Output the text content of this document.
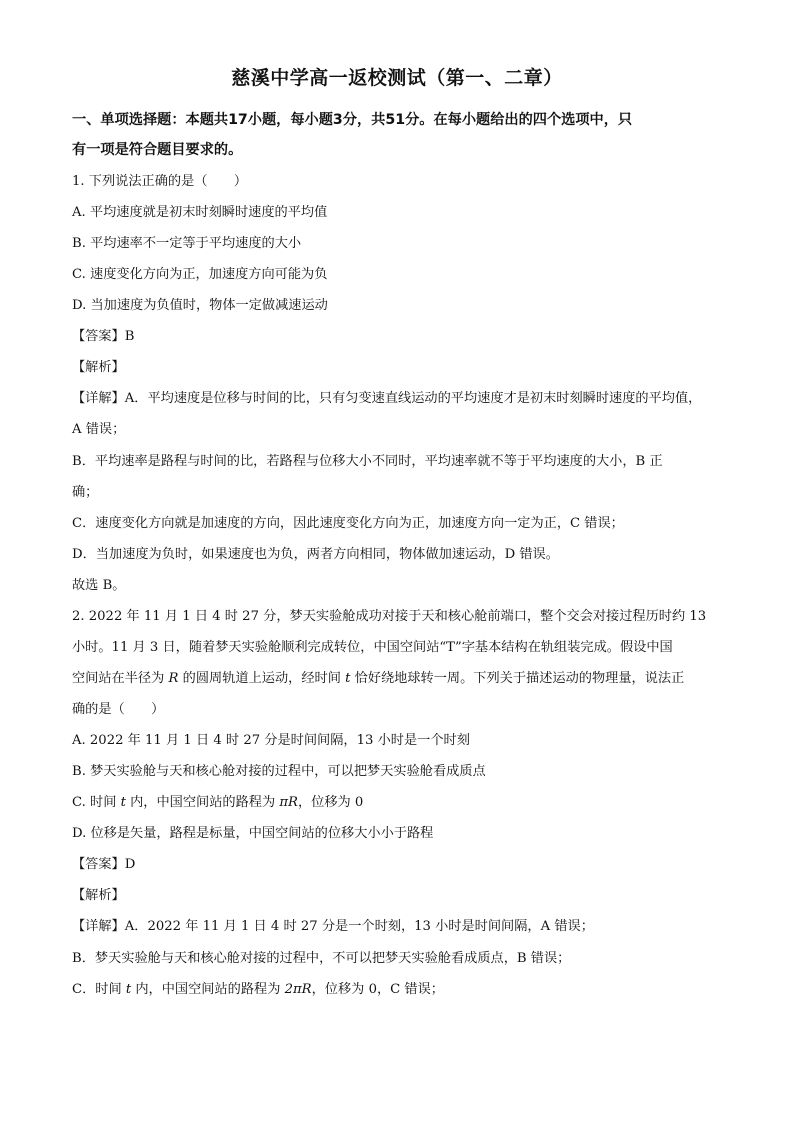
慈溪中学高一返校测试（第一、二章）
一、单项选择题：本题共17小题，每小题3分，共51分。在每小题给出的四个选项中，只
有一项是符合题目要求的。
1. 下列说法正确的是（　　）
A. 平均速度就是初末时刻瞬时速度的平均值
B. 平均速率不一定等于平均速度的大小
C. 速度变化方向为正，加速度方向可能为负
D. 当加速度为负值时，物体一定做减速运动
【答案】B
【解析】
【详解】A．平均速度是位移与时间的比，只有匀变速直线运动的平均速度才是初末时刻瞬时速度的平均值，
A 错误；
B．平均速率是路程与时间的比，若路程与位移大小不同时，平均速率就不等于平均速度的大小，B 正
确；
C．速度变化方向就是加速度的方向，因此速度变化方向为正，加速度方向一定为正，C 错误；
D．当加速度为负时，如果速度也为负，两者方向相同，物体做加速运动，D 错误。
故选 B。
2. 2022 年 11 月 1 日 4 时 27 分，梦天实验舱成功对接于天和核心舱前端口，整个交会对接过程历时约 13
小时。11 月 3 日，随着梦天实验舱顺利完成转位，中国空间站“T”字基本结构在轨组装完成。假设中国
空间站在半径为 R 的圆周轨道上运动，经时间 t 恰好绕地球转一周。下列关于描述运动的物理量，说法正
确的是（　　）
A. 2022 年 11 月 1 日 4 时 27 分是时间间隔，13 小时是一个时刻
B. 梦天实验舱与天和核心舱对接的过程中，可以把梦天实验舱看成质点
C. 时间 t 内，中国空间站的路程为 πR，位移为 0
D. 位移是矢量，路程是标量，中国空间站的位移大小小于路程
【答案】D
【解析】
【详解】A．2022 年 11 月 1 日 4 时 27 分是一个时刻，13 小时是时间间隔，A 错误；
B．梦天实验舱与天和核心舱对接的过程中，不可以把梦天实验舱看成质点，B 错误；
C．时间 t 内，中国空间站的路程为 2πR，位移为 0，C 错误；
